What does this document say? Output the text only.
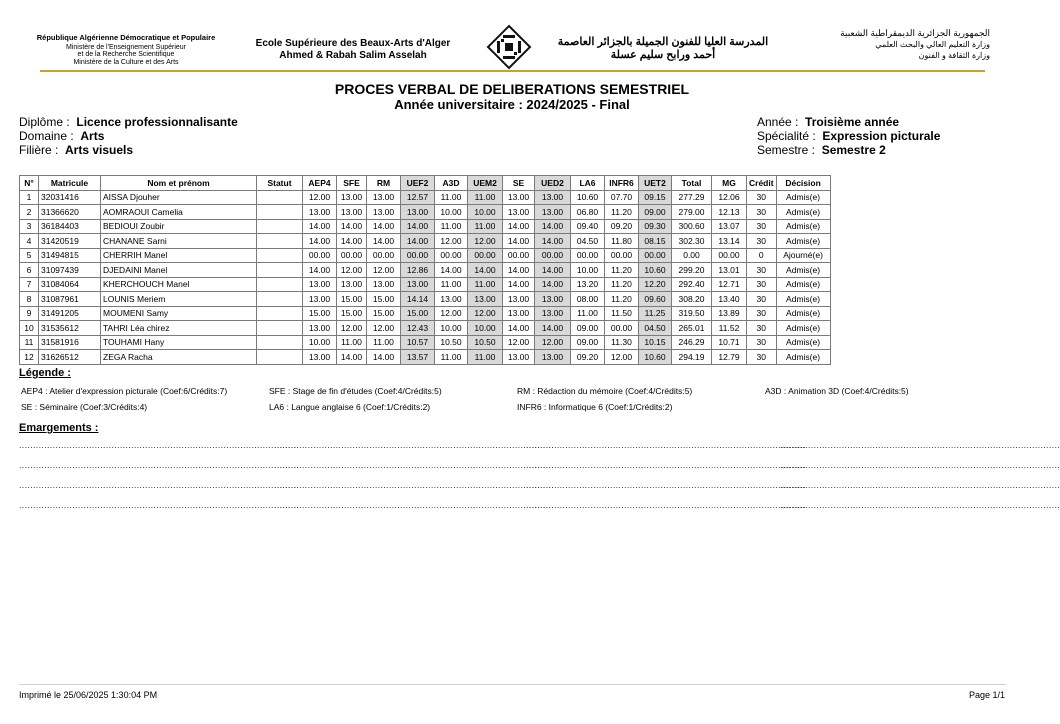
République Algérienne Démocratique et Populaire
Ministère de l'Enseignement Supérieur
et de la Recherche Scientifique
Ministère de la Culture et des Arts
Ecole Supérieure des Beaux-Arts d'Alger
Ahmed & Rabah Salim Asselah
المدرسة العليا للفنون الجميلة بالجزائر العاصمة
أحمد ورابح سليم عسلة
الجمهورية الجزائرية الديمقراطية الشعبية
وزارة التعليم العالي والبحث العلمي
وزارة الثقافة و الفنون
PROCES VERBAL DE DELIBERATIONS SEMESTRIEL
Année universitaire : 2024/2025 - Final
Diplôme : Licence professionnalisante
Domaine : Arts
Filière : Arts visuels
Année : Troisième année
Spécialité : Expression picturale
Semestre : Semestre 2
N°	Matricule	Nom et prénom	Statut	AEP4	SFE	RM	UEF2	A3D	UEM2	SE	UED2	LA6	INFR6	UET2	Total	MG	Crédit	Décision
1	32031416	AISSA Djouher		12.00	13.00	13.00	12.57	11.00	11.00	13.00	13.00	10.60	07.70	09.15	277.29	12.06	30	Admis(e)
2	31366620	AOMRAOUI Camelia		13.00	13.00	13.00	13.00	10.00	10.00	13.00	13.00	06.80	11.20	09.00	279.00	12.13	30	Admis(e)
3	36184403	BEDIOUI Zoubir		14.00	14.00	14.00	14.00	11.00	11.00	14.00	14.00	09.40	09.20	09.30	300.60	13.07	30	Admis(e)
4	31420519	CHANANE Sarni		14.00	14.00	14.00	14.00	12.00	12.00	14.00	14.00	04.50	11.80	08.15	302.30	13.14	30	Admis(e)
5	31494815	CHERRIH Manel		00.00	00.00	00.00	00.00	00.00	00.00	00.00	00.00	00.00	00.00	00.00	0.00	00.00	0	Ajourné(e)
6	31097439	DJEDAINI Manel		14.00	12.00	12.00	12.86	14.00	14.00	14.00	14.00	10.00	11.20	10.60	299.20	13.01	30	Admis(e)
7	31084064	KHERCHOUCH Manel		13.00	13.00	13.00	13.00	11.00	11.00	14.00	14.00	13.20	11.20	12.20	292.40	12.71	30	Admis(e)
8	31087961	LOUNIS Meriem		13.00	15.00	15.00	14.14	13.00	13.00	13.00	13.00	08.00	11.20	09.60	308.20	13.40	30	Admis(e)
9	31491205	MOUMENI Samy		15.00	15.00	15.00	15.00	12.00	12.00	13.00	13.00	11.00	11.50	11.25	319.50	13.89	30	Admis(e)
10	31535612	TAHRI Léa chirez		13.00	12.00	12.00	12.43	10.00	10.00	14.00	14.00	09.00	00.00	04.50	265.01	11.52	30	Admis(e)
11	31581916	TOUHAMI Hany		10.00	11.00	11.00	10.57	10.50	10.50	12.00	12.00	09.00	11.30	10.15	246.29	10.71	30	Admis(e)
12	31626512	ZEGA Racha		13.00	14.00	14.00	13.57	11.00	11.00	13.00	13.00	09.20	12.00	10.60	294.19	12.79	30	Admis(e)
Légende :
AEP4 : Atelier d'expression picturale (Coef:6/Crédits:7)	SFE : Stage de fin d'études (Coef:4/Crédits:5)	RM : Rédaction du mémoire (Coef:4/Crédits:5)	A3D : Animation 3D (Coef:4/Crédits:5)
SE : Séminaire (Coef:3/Crédits:4)	LA6 : Langue anglaise 6 (Coef:1/Crédits:2)	INFR6 : Informatique 6 (Coef:1/Crédits:2)
Emargements :
....................................................................................................
....................................................................................................
....................................................................................................
....................................................................................................
....................................................................................................
....................................................................................................
....................................................................................................
....................................................................................................
....................................................................................................
....................................................................................................
....................................................................................................
....................................................................................................
....................................................................................................
....................................................................................................
....................................................................................................
....................................................................................................
Imprimé le 25/06/2025 1:30:04 PM	Page 1/1
